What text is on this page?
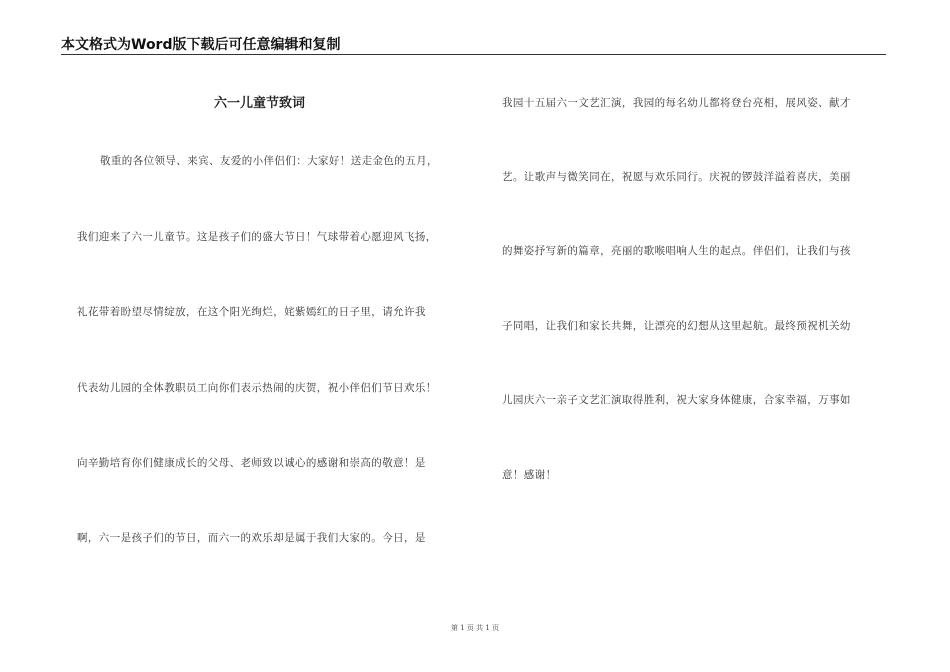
本文格式为Word版下载后可任意编辑和复制
六一儿童节致词
敬重的各位领导、来宾、友爱的小伴侣们：大家好！送走金色的五月，
我们迎来了六一儿童节。这是孩子们的盛大节日！气球带着心愿迎风飞扬，
礼花带着盼望尽情绽放，在这个阳光绚烂，姹紫嫣红的日子里，请允许我
代表幼儿园的全体教职员工向你们表示热闹的庆贺，祝小伴侣们节日欢乐！
向辛勤培育你们健康成长的父母、老师致以诚心的感谢和崇高的敬意！是
啊，六一是孩子们的节日，而六一的欢乐却是属于我们大家的。今日，是
我园十五届六一文艺汇演，我园的每名幼儿都将登台亮相，展风姿、献才
艺。让歌声与微笑同在，祝愿与欢乐同行。庆祝的锣鼓洋溢着喜庆，美丽
的舞姿抒写新的篇章，亮丽的歌喉唱响人生的起点。伴侣们，让我们与孩
子同唱，让我们和家长共舞，让漂亮的幻想从这里起航。最终预祝机关幼
儿园庆六一亲子文艺汇演取得胜利，祝大家身体健康，合家幸福，万事如
意！感谢！
第 1 页 共 1 页
